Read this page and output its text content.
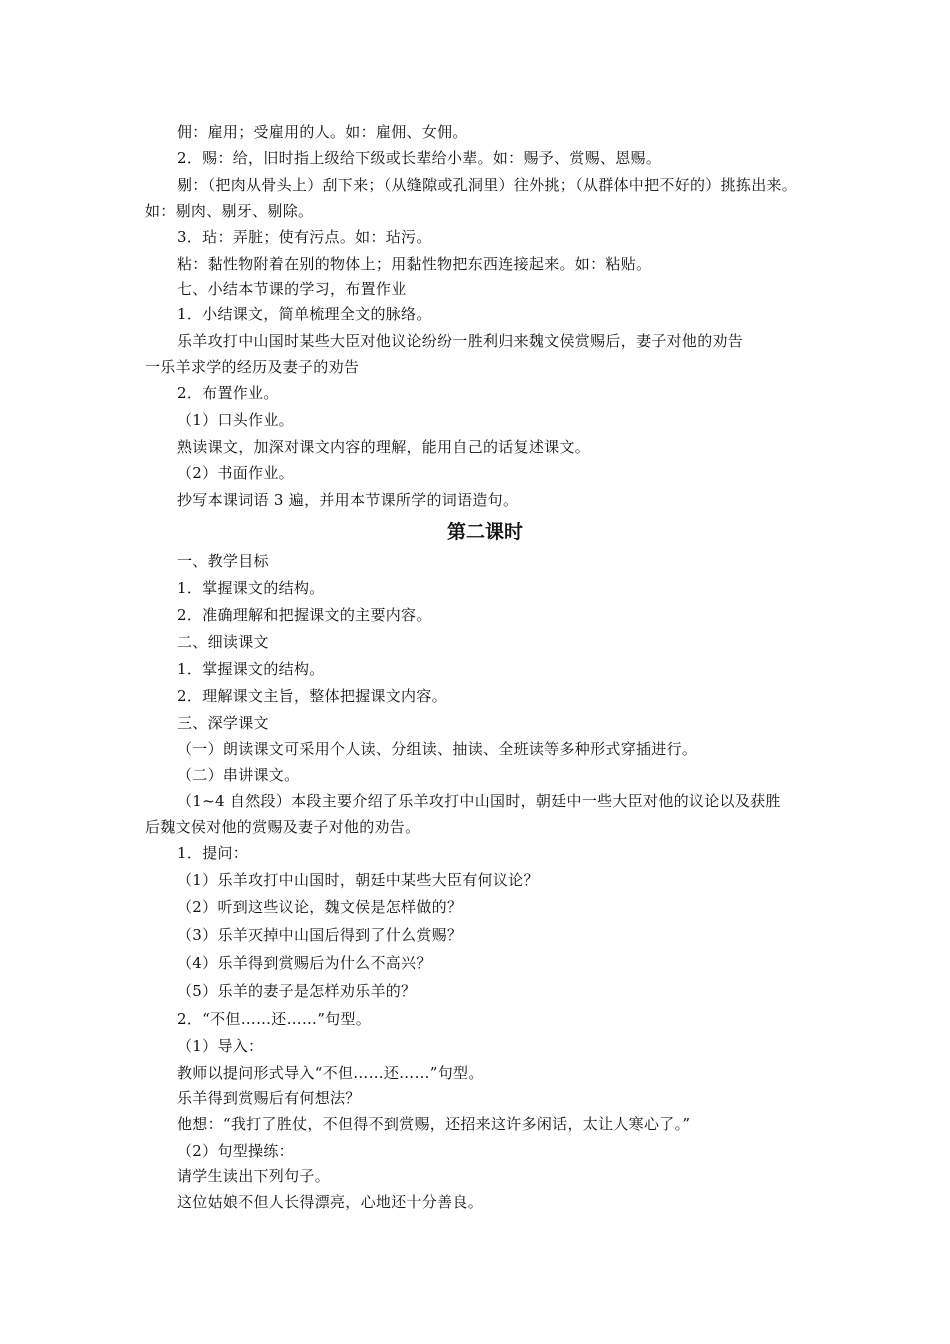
佣：雇用；受雇用的人。如：雇佣、女佣。
2．赐：给，旧时指上级给下级或长辈给小辈。如：赐予、赏赐、恩赐。
剔：（把肉从骨头上）刮下来；（从缝隙或孔洞里）往外挑；（从群体中把不好的）挑拣出来。
如：剔肉、剔牙、剔除。
3．玷：弄脏；使有污点。如：玷污。
粘：黏性物附着在别的物体上；用黏性物把东西连接起来。如：粘贴。
七、小结本节课的学习，布置作业
1．小结课文，简单梳理全文的脉络。
乐羊攻打中山国时某些大臣对他议论纷纷一胜利归来魏文侯赏赐后，妻子对他的劝告
一乐羊求学的经历及妻子的劝告
2．布置作业。
（1）口头作业。
熟读课文，加深对课文内容的理解，能用自己的话复述课文。
（2）书面作业。
抄写本课词语 3 遍，并用本节课所学的词语造句。
第二课时
一、教学目标
1．掌握课文的结构。
2．准确理解和把握课文的主要内容。
二、细读课文
1．掌握课文的结构。
2．理解课文主旨，整体把握课文内容。
三、深学课文
（一）朗读课文可采用个人读、分组读、抽读、全班读等多种形式穿插进行。
（二）串讲课文。
（1~4 自然段）本段主要介绍了乐羊攻打中山国时，朝廷中一些大臣对他的议论以及获胜
后魏文侯对他的赏赐及妻子对他的劝告。
1．提问：
（1）乐羊攻打中山国时，朝廷中某些大臣有何议论？
（2）听到这些议论，魏文侯是怎样做的？
（3）乐羊灭掉中山国后得到了什么赏赐？
（4）乐羊得到赏赐后为什么不高兴？
（5）乐羊的妻子是怎样劝乐羊的？
2．“不但……还……”句型。
（1）导入：
教师以提问形式导入“不但……还……”句型。
乐羊得到赏赐后有何想法？
他想：“我打了胜仗，不但得不到赏赐，还招来这许多闲话，太让人寒心了。”
（2）句型操练：
请学生读出下列句子。
这位姑娘不但人长得漂亮，心地还十分善良。
